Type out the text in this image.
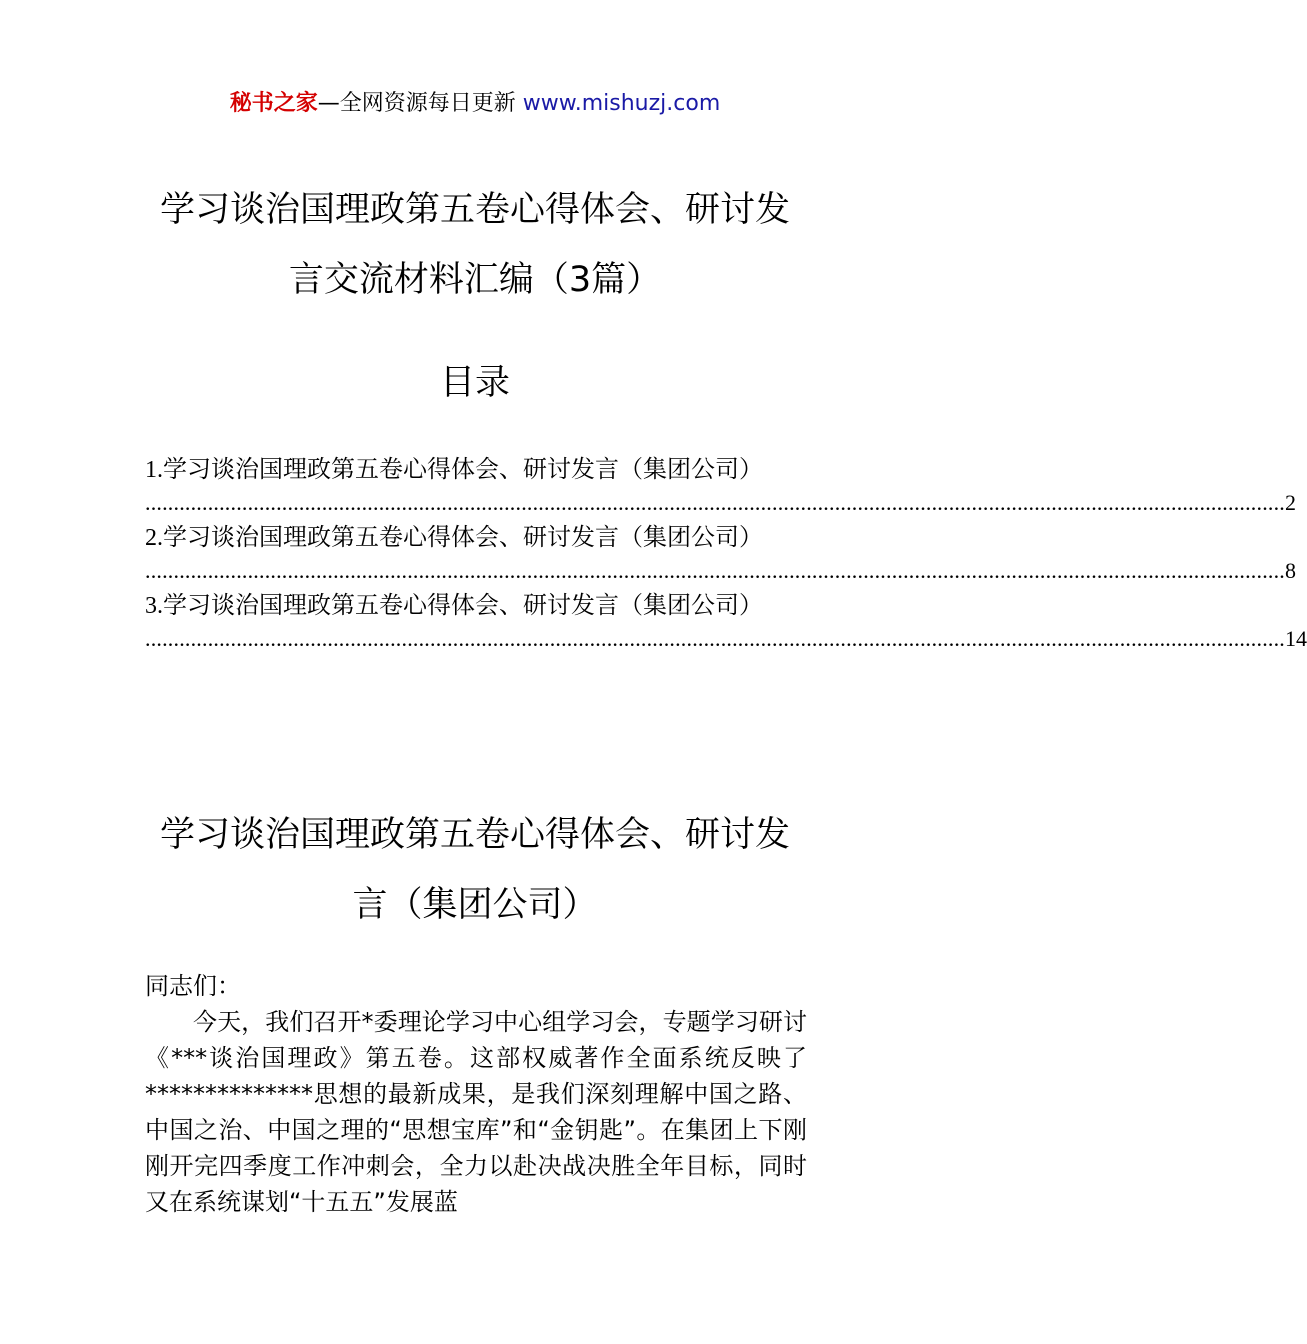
秘书之家—全网资源每日更新 www.mishuzj.com
学习谈治国理政第五卷心得体会、研讨发
言交流材料汇编（3篇）
目录
1.学习谈治国理政第五卷心得体会、研讨发言（集团公司）
........................................................................................................................................................................................................ 2
2.学习谈治国理政第五卷心得体会、研讨发言（集团公司）
........................................................................................................................................................................................................ 8
3.学习谈治国理政第五卷心得体会、研讨发言（集团公司）
........................................................................................................................................................................................................ 14
学习谈治国理政第五卷心得体会、研讨发
言（集团公司）

同志们：

今天，我们召开*委理论学习中心组学习会，专题学习研讨《***谈治国理政》第五卷。这部权威著作全面系统反映了**************思想的最新成果，是我们深刻理解中国之路、中国之治、中国之理的“思想宝库”和“金钥匙”。在集团上下刚刚开完四季度工作冲刺会，全力以赴决战决胜全年目标，同时又在系统谋划“十五五”发展蓝
